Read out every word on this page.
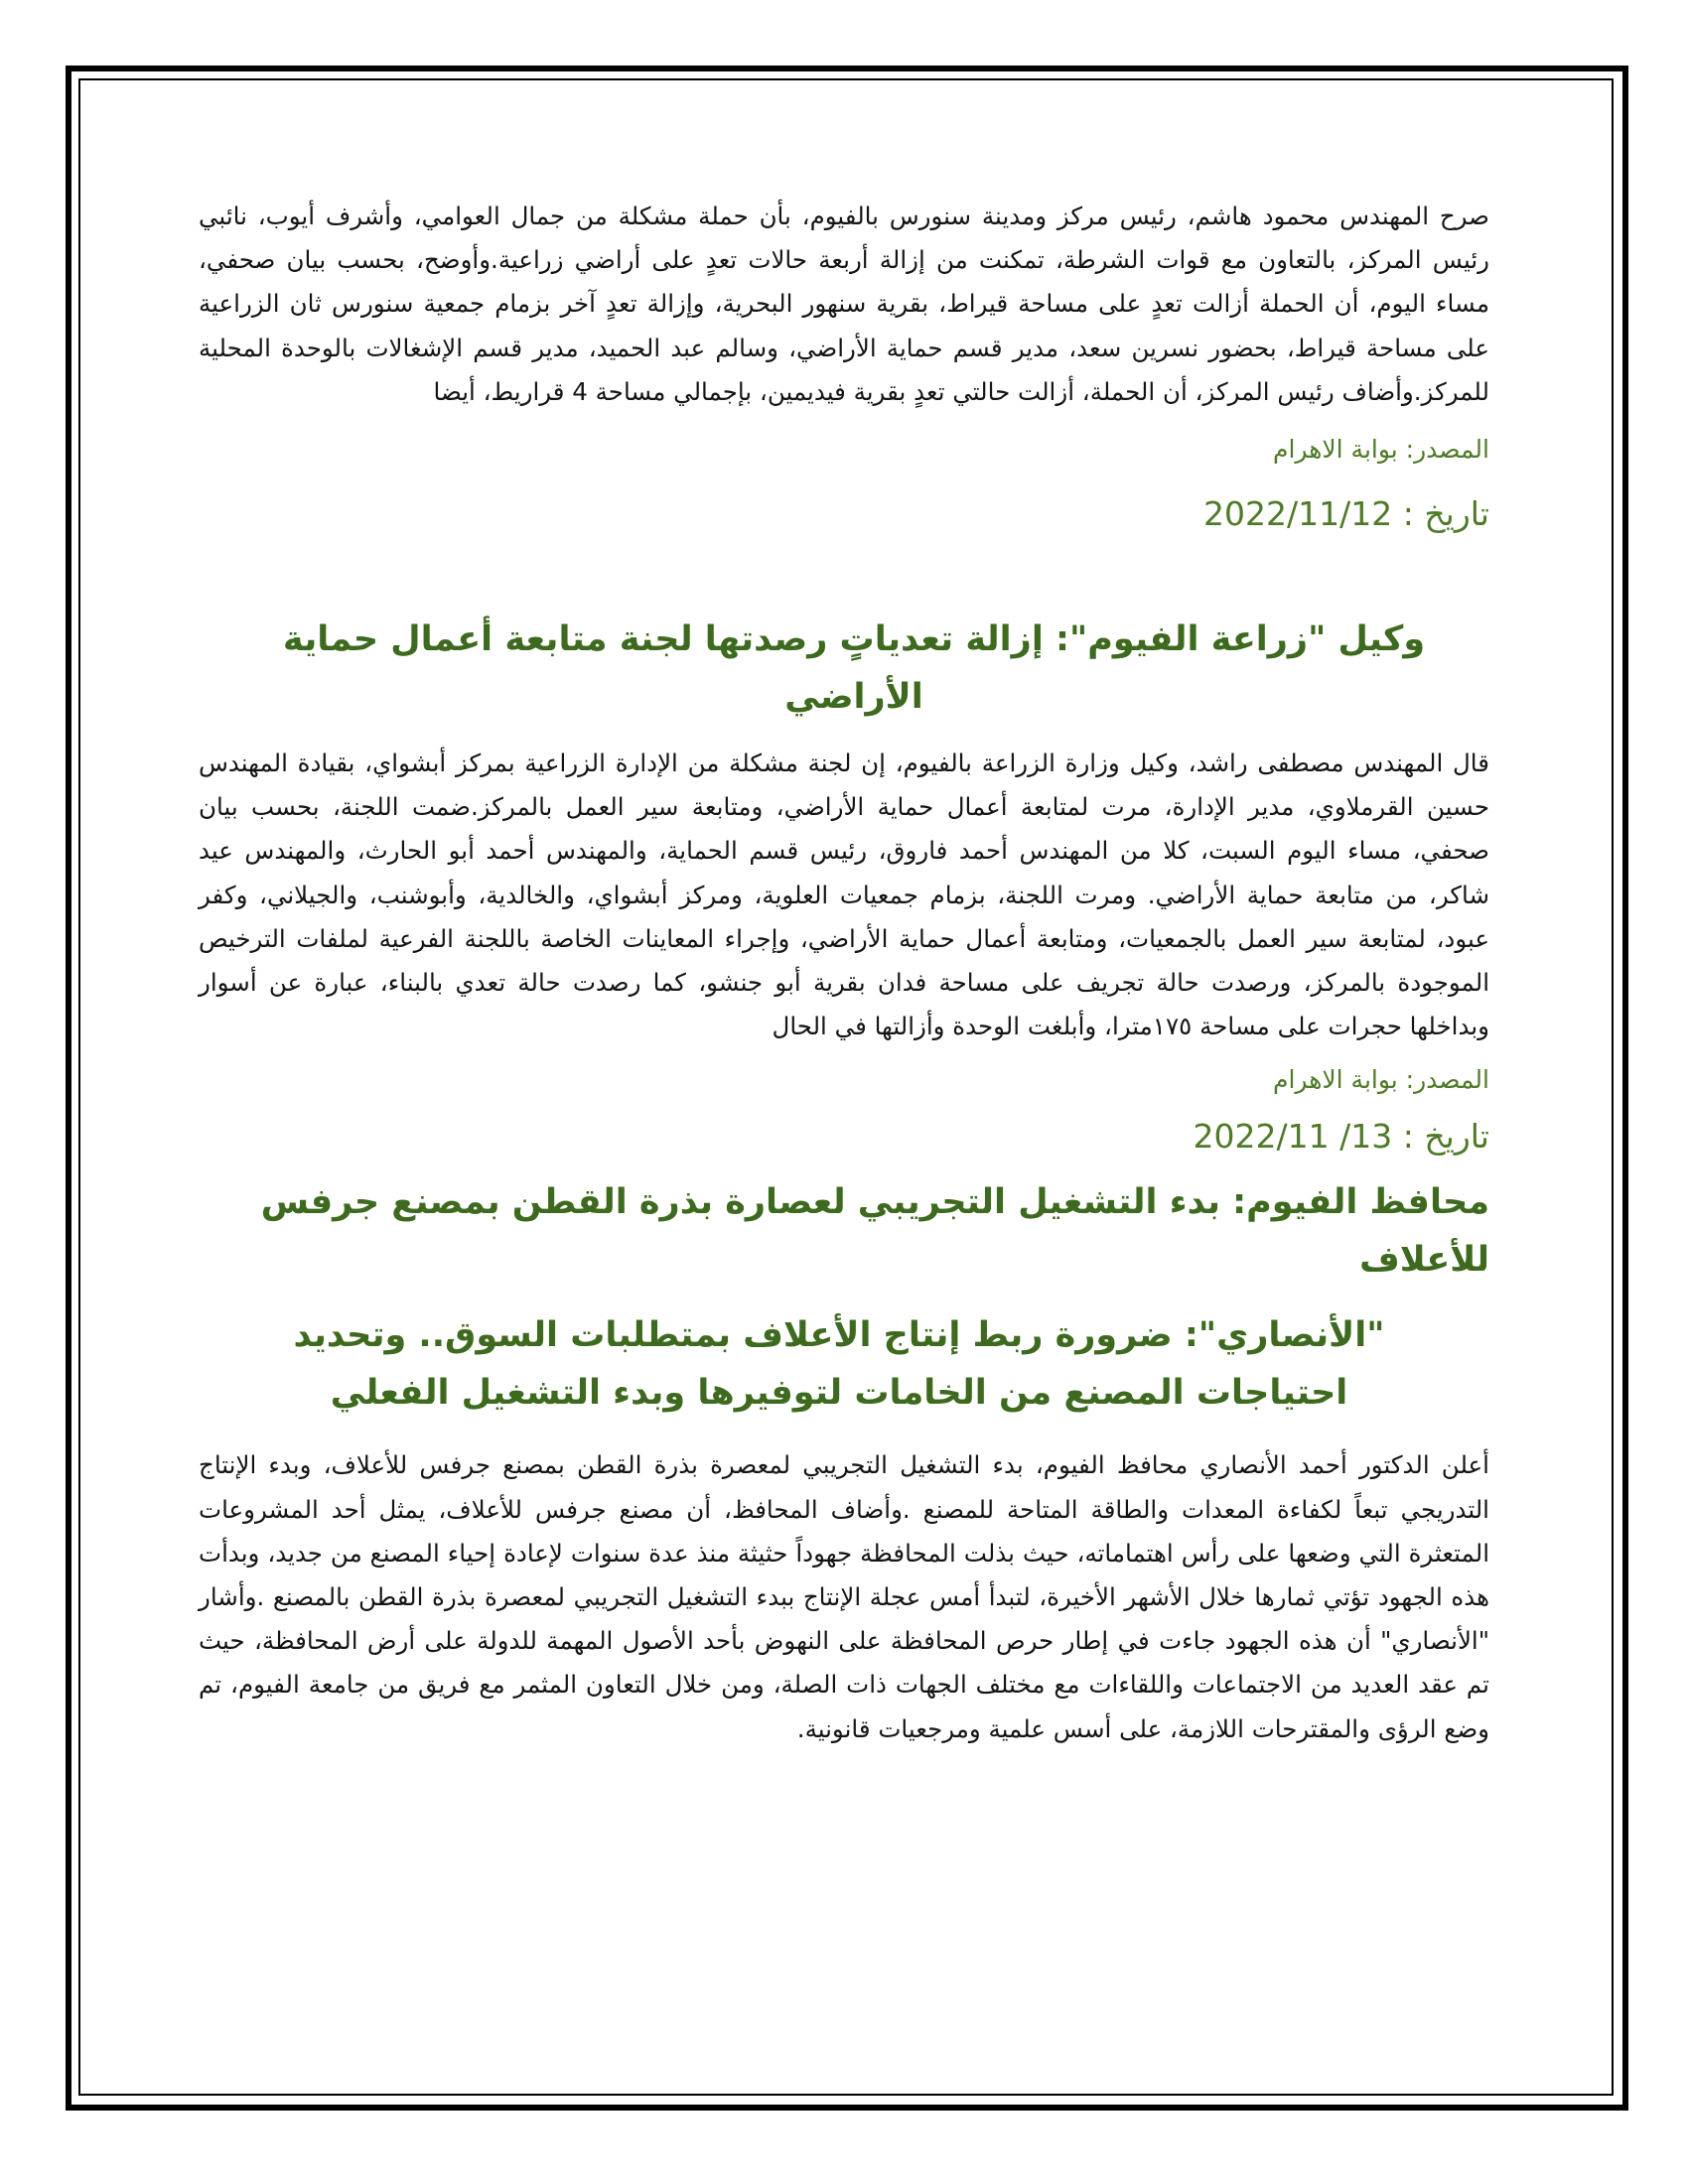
صرح المهندس محمود هاشم، رئيس مركز ومدينة سنورس بالفيوم، بأن حملة مشكلة من جمال العوامي، وأشرف أيوب، نائبي رئيس المركز، بالتعاون مع قوات الشرطة، تمكنت من إزالة أربعة حالات تعدٍ على أراضي زراعية.وأوضح، بحسب بيان صحفي، مساء اليوم، أن الحملة أزالت تعدٍ على مساحة قيراط، بقرية سنهور البحرية، وإزالة تعدٍ آخر بزمام جمعية سنورس ثان الزراعية على مساحة قيراط، بحضور نسرين سعد، مدير قسم حماية الأراضي، وسالم عبد الحميد، مدير قسم الإشغالات بالوحدة المحلية للمركز.وأضاف رئيس المركز، أن الحملة، أزالت حالتي تعدٍ بقرية فيديمين، بإجمالي مساحة 4 قراريط، أيضا

المصدر: بوابة الاهرام

تاريخ : 2022/11/12

وكيل "زراعة الفيوم": إزالة تعدياتٍ رصدتها لجنة متابعة أعمال حماية الأراضي

قال المهندس مصطفى راشد، وكيل وزارة الزراعة بالفيوم، إن لجنة مشكلة من الإدارة الزراعية بمركز أبشواي، بقيادة المهندس حسين القرملاوي، مدير الإدارة، مرت لمتابعة أعمال حماية الأراضي، ومتابعة سير العمل بالمركز.ضمت اللجنة، بحسب بيان صحفي، مساء اليوم السبت، كلا من المهندس أحمد فاروق، رئيس قسم الحماية، والمهندس أحمد أبو الحارث، والمهندس عيد شاكر، من متابعة حماية الأراضي. ومرت اللجنة، بزمام جمعيات العلوية، ومركز أبشواي، والخالدية، وأبوشنب، والجيلاني، وكفر عبود، لمتابعة سير العمل بالجمعيات، ومتابعة أعمال حماية الأراضي، وإجراء المعاينات الخاصة باللجنة الفرعية لملفات الترخيص الموجودة بالمركز، ورصدت حالة تجريف على مساحة فدان بقرية أبو جنشو، كما رصدت حالة تعدي بالبناء، عبارة عن أسوار وبداخلها حجرات على مساحة ١٧٥مترا، وأبلغت الوحدة وأزالتها في الحال

المصدر: بوابة الاهرام

تاريخ : 2022/11 /13

محافظ الفيوم: بدء التشغيل التجريبي لعصارة بذرة القطن بمصنع جرفس للأعلاف
"الأنصاري": ضرورة ربط إنتاج الأعلاف بمتطلبات السوق.. وتحديد احتياجات المصنع من الخامات لتوفيرها وبدء التشغيل الفعلي

أعلن الدكتور أحمد الأنصاري محافظ الفيوم، بدء التشغيل التجريبي لمعصرة بذرة القطن بمصنع جرفس للأعلاف، وبدء الإنتاج التدريجي تبعاً لكفاءة المعدات والطاقة المتاحة للمصنع .وأضاف المحافظ، أن مصنع جرفس للأعلاف، يمثل أحد المشروعات المتعثرة التي وضعها على رأس اهتماماته، حيث بذلت المحافظة جهوداً حثيثة منذ عدة سنوات لإعادة إحياء المصنع من جديد، وبدأت هذه الجهود تؤتي ثمارها خلال الأشهر الأخيرة، لتبدأ أمس عجلة الإنتاج ببدء التشغيل التجريبي لمعصرة بذرة القطن بالمصنع .وأشار "الأنصاري" أن هذه الجهود جاءت في إطار حرص المحافظة على النهوض بأحد الأصول المهمة للدولة على أرض المحافظة، حيث تم عقد العديد من الاجتماعات واللقاءات مع مختلف الجهات ذات الصلة، ومن خلال التعاون المثمر مع فريق من جامعة الفيوم، تم وضع الرؤى والمقترحات اللازمة، على أسس علمية ومرجعيات قانونية.
